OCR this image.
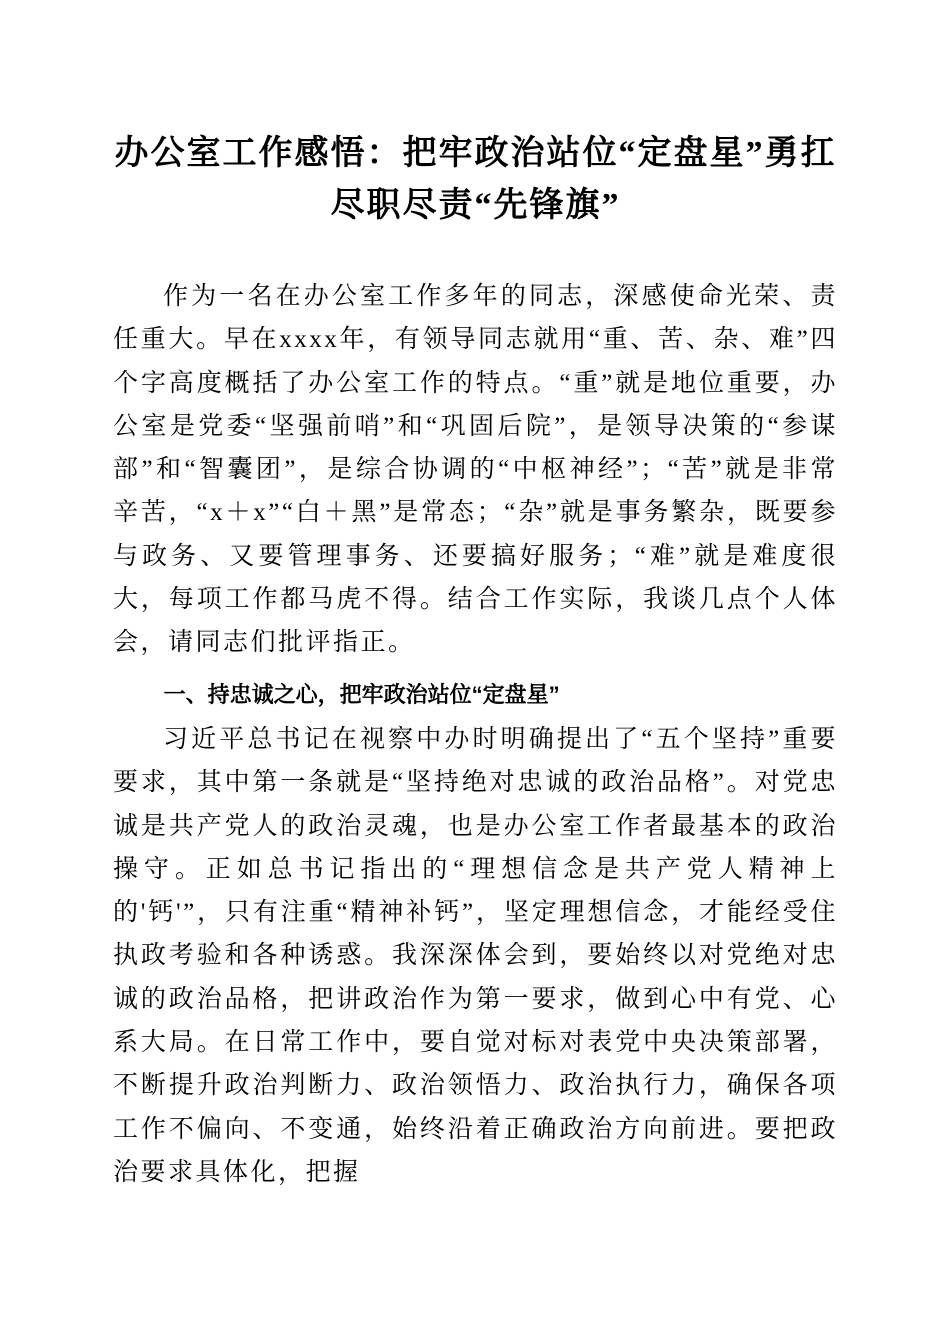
办公室工作感悟：把牢政治站位“定盘星”勇扛尽职尽责“先锋旗”

作为一名在办公室工作多年的同志，深感使命光荣、责任重大。早在xxxx年，有领导同志就用“重、苦、杂、难”四个字高度概括了办公室工作的特点。“重”就是地位重要，办公室是党委“坚强前哨”和“巩固后院”，是领导决策的“参谋部”和“智囊团”，是综合协调的“中枢神经”；“苦”就是非常辛苦，“x＋x”“白＋黑”是常态；“杂”就是事务繁杂，既要参与政务、又要管理事务、还要搞好服务；“难”就是难度很大，每项工作都马虎不得。结合工作实际，我谈几点个人体会，请同志们批评指正。

一、持忠诚之心，把牢政治站位“定盘星”

习近平总书记在视察中办时明确提出了“五个坚持”重要要求，其中第一条就是“坚持绝对忠诚的政治品格”。对党忠诚是共产党人的政治灵魂，也是办公室工作者最基本的政治操守。正如总书记指出的“理想信念是共产党人精神上的'钙'”，只有注重“精神补钙”，坚定理想信念，才能经受住执政考验和各种诱惑。我深深体会到，要始终以对党绝对忠诚的政治品格，把讲政治作为第一要求，做到心中有党、心系大局。在日常工作中，要自觉对标对表党中央决策部署，不断提升政治判断力、政治领悟力、政治执行力，确保各项工作不偏向、不变通，始终沿着正确政治方向前进。要把政治要求具体化，把握
